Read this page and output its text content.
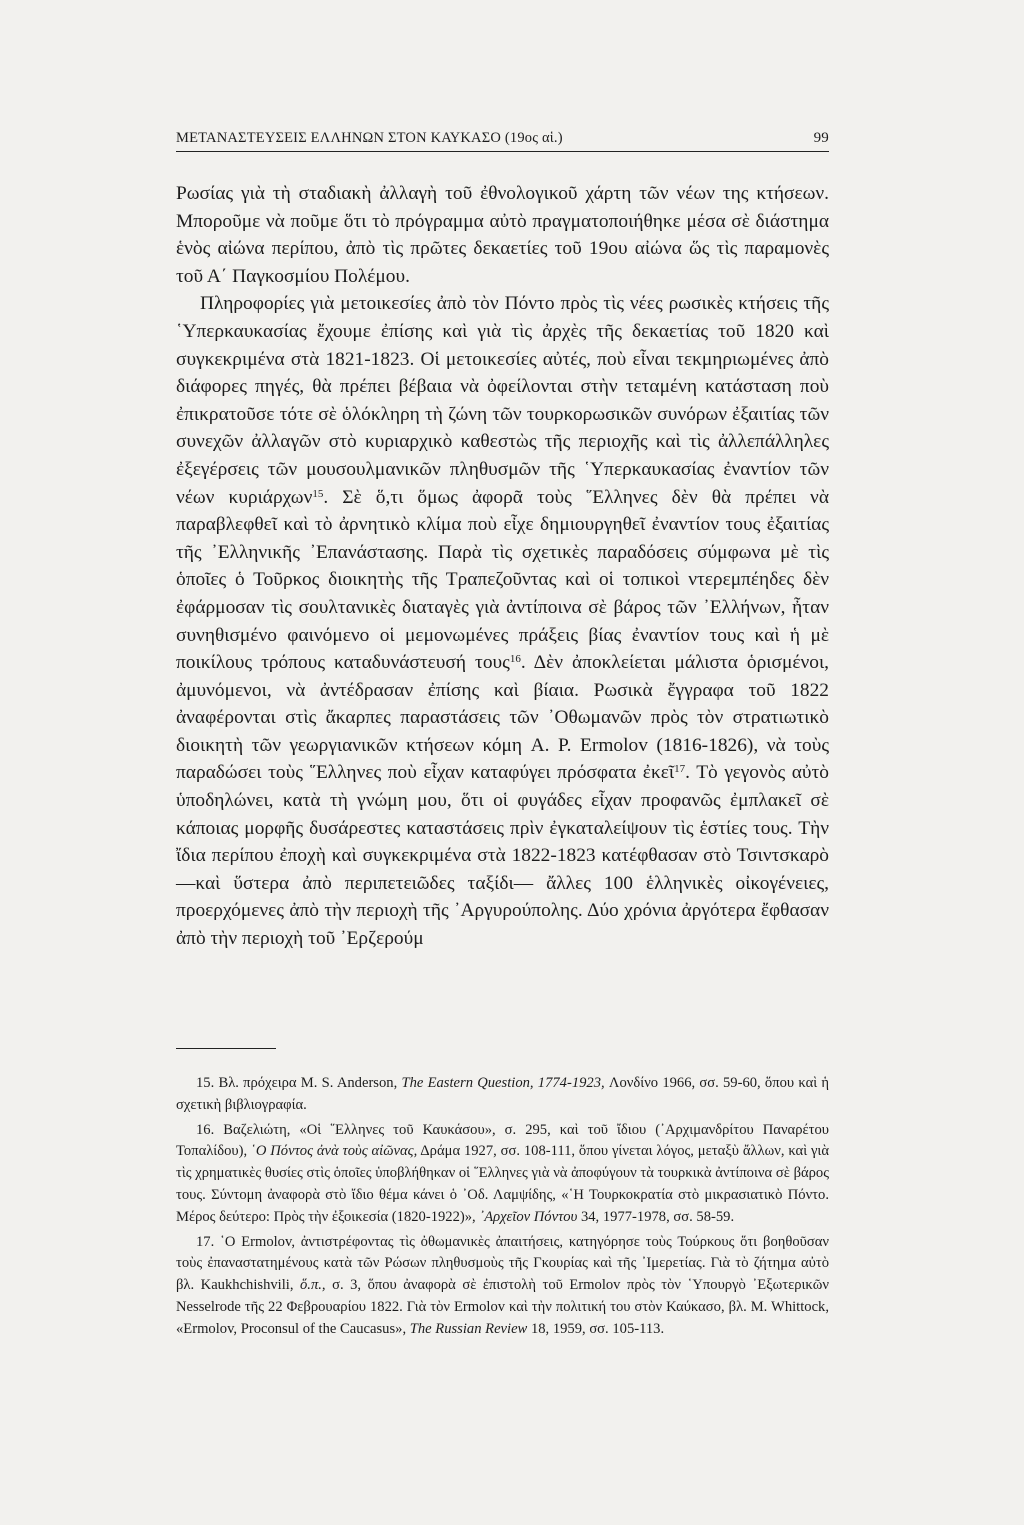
ΜΕΤΑΝΑΣΤΕΥΣΕΙΣ ΕΛΛΗΝΩΝ ΣΤΟΝ ΚΑΥΚΑΣΟ (19ος αἱ.)	99

Ρωσίας γιὰ τὴ σταδιακὴ ἀλλαγὴ τοῦ ἐθνολογικοῦ χάρτη τῶν νέων της κτήσεων. Μποροῦμε νὰ ποῦμε ὅτι τὸ πρόγραμμα αὐτὸ πραγματοποιήθηκε μέσα σὲ διάστημα ἑνὸς αἰώνα περίπου, ἀπὸ τὶς πρῶτες δεκαετίες τοῦ 19ου αἰώνα ὥς τὶς παραμονὲς τοῦ Α΄ Παγκοσμίου Πολέμου.

Πληροφορίες γιὰ μετοικεσίες ἀπὸ τὸν Πόντο πρὸς τὶς νέες ρωσικὲς κτήσεις τῆς ῾Υπερκαυκασίας ἔχουμε ἐπίσης καὶ γιὰ τὶς ἀρχὲς τῆς δεκαετίας τοῦ 1820 καὶ συγκεκριμένα στὰ 1821-1823. Οἱ μετοικεσίες αὐτές, ποὺ εἶναι τεκμηριωμένες ἀπὸ διάφορες πηγές, θὰ πρέπει βέβαια νὰ ὀφείλονται στὴν τεταμένη κατάσταση ποὺ ἐπικρατοῦσε τότε σὲ ὁλόκληρη τὴ ζώνη τῶν τουρκορωσικῶν συνόρων ἐξαιτίας τῶν συνεχῶν ἀλλαγῶν στὸ κυριαρχικὸ καθεστὼς τῆς περιοχῆς καὶ τὶς ἀλλεπάλληλες ἐξεγέρσεις τῶν μουσουλμανικῶν πληθυσμῶν τῆς ῾Υπερκαυκασίας ἐναντίον τῶν νέων κυριάρχων$^{15}$. Σὲ ὅ,τι ὅμως ἀφορᾶ τοὺς ῞Ελληνες δὲν θὰ πρέπει νὰ παραβλεφθεῖ καὶ τὸ ἀρνητικὸ κλίμα ποὺ εἶχε δημιουργηθεῖ ἐναντίον τους ἐξαιτίας τῆς ᾿Ελληνικῆς ᾿Επανάστασης. Παρὰ τὶς σχετικὲς παραδόσεις σύμφωνα μὲ τὶς ὁποῖες ὁ Τοῦρκος διοικητὴς τῆς Τραπεζοῦντας καὶ οἱ τοπικοὶ ντερεμπέηδες δὲν ἐφάρμοσαν τὶς σουλτανικὲς διαταγὲς γιὰ ἀντίποινα σὲ βάρος τῶν ᾿Ελλήνων, ἦταν συνηθισμένο φαινόμενο οἱ μεμονωμένες πράξεις βίας ἐναντίον τους καὶ ἡ μὲ ποικίλους τρόπους καταδυνάστευσή τους$^{16}$. Δὲν ἀποκλείεται μάλιστα ὁρισμένοι, ἀμυνόμενοι, νὰ ἀντέδρασαν ἐπίσης καὶ βίαια. Ρωσικὰ ἔγγραφα τοῦ 1822 ἀναφέρονται στὶς ἄκαρπες παραστάσεις τῶν ᾿Οθωμανῶν πρὸς τὸν στρατιωτικὸ διοικητὴ τῶν γεωργιανικῶν κτήσεων κόμη A. P. Ermolov (1816-1826), νὰ τοὺς παραδώσει τοὺς ῞Ελληνες ποὺ εἶχαν καταφύγει πρόσφατα ἐκεῖ$^{17}$. Τὸ γεγονὸς αὐτὸ ὑποδηλώνει, κατὰ τὴ γνώμη μου, ὅτι οἱ φυγάδες εἶχαν προφανῶς ἐμπλακεῖ σὲ κάποιας μορφῆς δυσάρεστες καταστάσεις πρὶν ἐγκαταλείψουν τὶς ἑστίες τους. Τὴν ἴδια περίπου ἐποχὴ καὶ συγκεκριμένα στὰ 1822-1823 κατέφθασαν στὸ Τσιντσκαρὸ —καὶ ὕστερα ἀπὸ περιπετειῶδες ταξίδι— ἄλλες 100 ἑλληνικὲς οἰκογένειες, προερχόμενες ἀπὸ τὴν περιοχὴ τῆς ᾿Αργυρούπολης. Δύο χρόνια ἀργότερα ἔφθασαν ἀπὸ τὴν περιοχὴ τοῦ ᾿Ερζερούμ

15. Βλ. πρόχειρα M. S. Anderson, The Eastern Question, 1774-1923, Λονδίνο 1966, σσ. 59-60, ὅπου καὶ ἡ σχετικὴ βιβλιογραφία.

16. Βαζελιώτη, «Οἱ ῞Ελληνες τοῦ Καυκάσου», σ. 295, καὶ τοῦ ἴδιου (᾿Αρχιμανδρίτου Παναρέτου Τοπαλίδου), ῾Ο Πόντος ἀνὰ τοὺς αἰῶνας, Δράμα 1927, σσ. 108-111, ὅπου γίνεται λόγος, μεταξὺ ἄλλων, καὶ γιὰ τὶς χρηματικὲς θυσίες στὶς ὁποῖες ὑποβλήθηκαν οἱ ῞Ελληνες γιὰ νὰ ἀποφύγουν τὰ τουρκικὰ ἀντίποινα σὲ βάρος τους. Σύντομη ἀναφορὰ στὸ ἴδιο θέμα κάνει ὁ ᾿Οδ. Λαμψίδης, «῾Η Τουρκοκρατία στὸ μικρασιατικὸ Πόντο. Μέρος δεύτερο: Πρὸς τὴν ἐξοικεσία (1820-1922)», ᾿Αρχεῖον Πόντου 34, 1977-1978, σσ. 58-59.

17. ῾Ο Ermolov, ἀντιστρέφοντας τὶς ὀθωμανικὲς ἀπαιτήσεις, κατηγόρησε τοὺς Τούρκους ὅτι βοηθοῦσαν τοὺς ἐπαναστατημένους κατὰ τῶν Ρώσων πληθυσμοὺς τῆς Γκουρίας καὶ τῆς ᾿Ιμερετίας. Γιὰ τὸ ζήτημα αὐτὸ βλ. Kaukhchishvili, ὅ.π., σ. 3, ὅπου ἀναφορὰ σὲ ἐπιστολὴ τοῦ Ermolov πρὸς τὸν ῾Υπουργὸ ᾿Εξωτερικῶν Nesselrode τῆς 22 Φεβρουαρίου 1822. Γιὰ τὸν Ermolov καὶ τὴν πολιτική του στὸν Καύκασο, βλ. M. Whittock, «Ermolov, Proconsul of the Caucasus», The Russian Review 18, 1959, σσ. 105-113.
